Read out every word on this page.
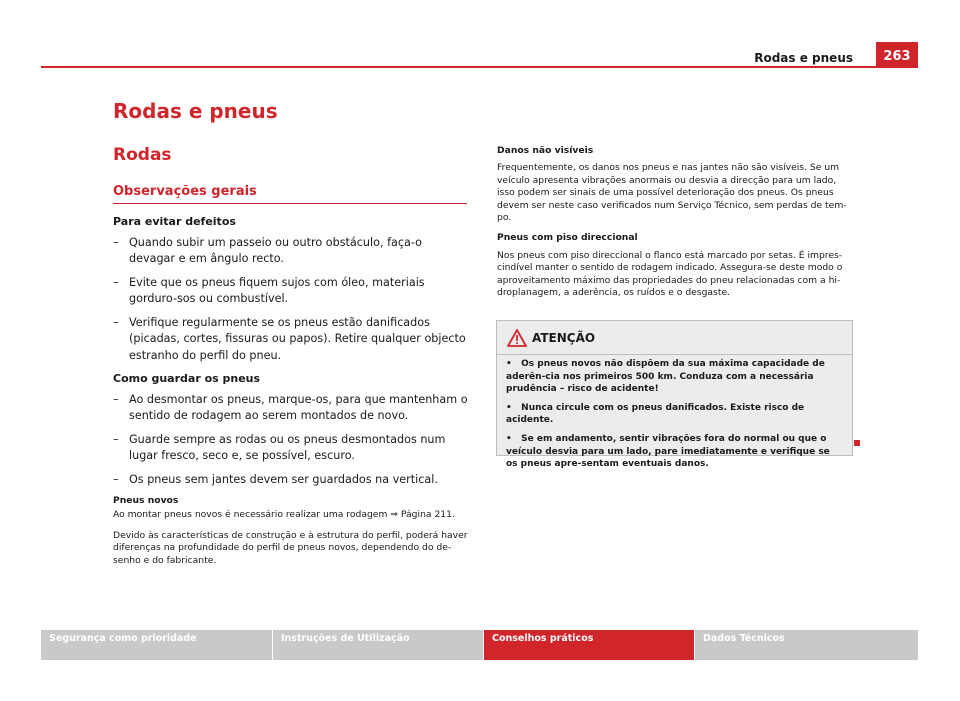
Rodas e pneus	263
Rodas e pneus
Rodas
Observações gerais
Para evitar defeitos
– Quando subir um passeio ou outro obstáculo, faça-o devagar e em ângulo recto.
– Evite que os pneus fiquem sujos com óleo, materiais gorduro-sos ou combustível.
– Verifique regularmente se os pneus estão danificados (picadas, cortes, fissuras ou papos). Retire qualquer objecto estranho do perfil do pneu.
Como guardar os pneus
– Ao desmontar os pneus, marque-os, para que mantenham o sentido de rodagem ao serem montados de novo.
– Guarde sempre as rodas ou os pneus desmontados num lugar fresco, seco e, se possível, escuro.
– Os pneus sem jantes devem ser guardados na vertical.
Pneus novos
Ao montar pneus novos é necessário realizar uma rodagem ⇒ Página 211.
Devido às características de construção e à estrutura do perfil, poderá haver diferenças na profundidade do perfil de pneus novos, dependendo do de-senho e do fabricante.
Danos não visíveis
Frequentemente, os danos nos pneus e nas jantes não são visíveis. Se um veículo apresenta vibrações anormais ou desvia a direcção para um lado, isso podem ser sinais de uma possível deterioração dos pneus. Os pneus devem ser neste caso verificados num Serviço Técnico, sem perdas de tem-po.
Pneus com piso direccional
Nos pneus com piso direccional o flanco está marcado por setas. É impres-cindível manter o sentido de rodagem indicado. Assegura-se deste modo o aproveitamento máximo das propriedades do pneu relacionadas com a hi-droplanagem, a aderência, os ruídos e o desgaste.
ATENÇÃO
•   Os pneus novos não dispõem da sua máxima capacidade de aderên-cia nos primeiros 500 km. Conduza com a necessária prudência – risco de acidente!
•   Nunca circule com os pneus danificados. Existe risco de acidente.
•   Se em andamento, sentir vibrações fora do normal ou que o veículo desvia para um lado, pare imediatamente e verifique se os pneus apre-sentam eventuais danos.
Segurança como prioridade	Instruções de Utilização	Conselhos práticos	Dados Técnicos
